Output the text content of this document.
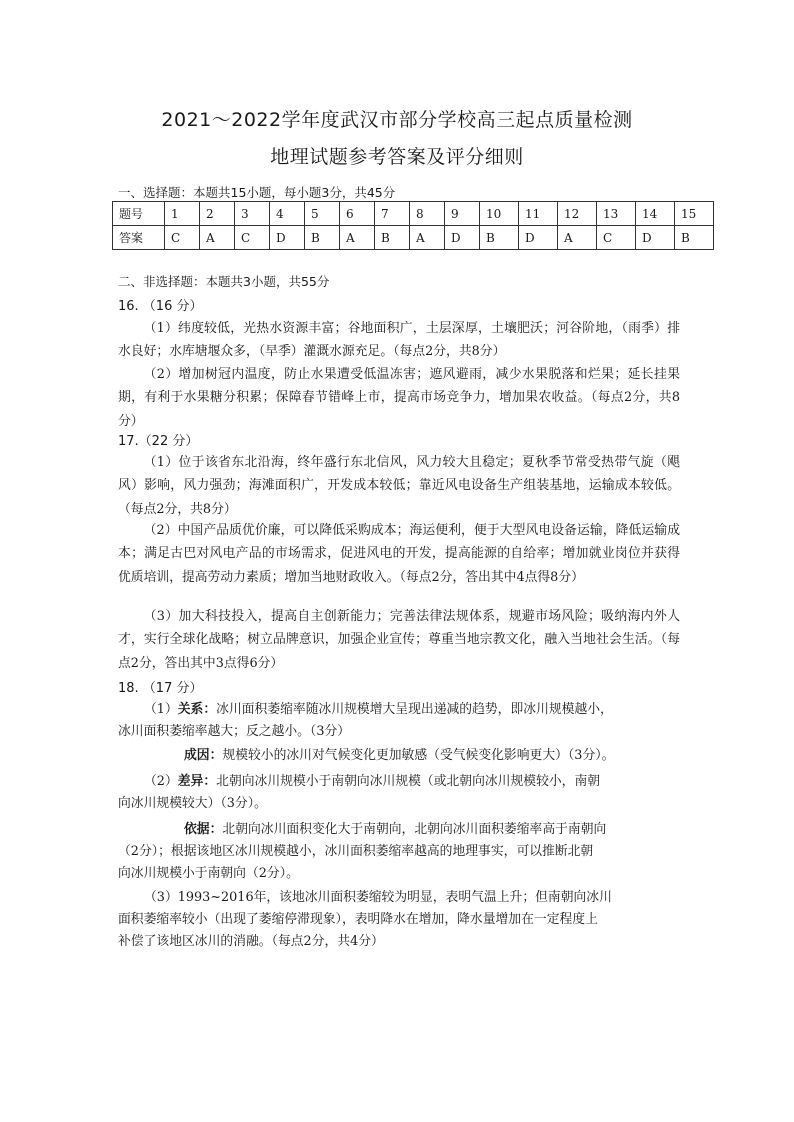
2021～2022学年度武汉市部分学校高三起点质量检测
地理试题参考答案及评分细则
一、选择题：本题共15小题，每小题3分，共45分
题号	1	2	3	4	5	6	7	8	9	10	11	12	13	14	15
答案	C	A	C	D	B	A	B	A	D	B	D	A	C	D	B
二、非选择题：本题共3小题，共55分
16. （16 分）

（1）纬度较低，光热水资源丰富；谷地面积广，土层深厚，土壤肥沃；河谷阶地，（雨季）排水良好；水库塘堰众多，（早季）灌溉水源充足。（每点2分，共8分）

（2）增加树冠内温度，防止水果遭受低温冻害；遮风避雨，减少水果脱落和烂果；延长挂果期，有利于水果糖分积累；保障春节错峰上市，提高市场竞争力，增加果农收益。（每点2分，共8分）

17.（22 分）

（1）位于该省东北沿海，终年盛行东北信风，风力较大且稳定；夏秋季节常受热带气旋（飓风）影响，风力强劲；海滩面积广，开发成本较低；靠近风电设备生产组装基地，运输成本较低。（每点2分，共8分）

（2）中国产品质优价廉，可以降低采购成本；海运便利，便于大型风电设备运输，降低运输成本；满足古巴对风电产品的市场需求，促进风电的开发，提高能源的自给率；增加就业岗位并获得优质培训，提高劳动力素质；增加当地财政收入。（每点2分，答出其中4点得8分）

（3）加大科技投入，提高自主创新能力；完善法律法规体系，规避市场风险；吸纳海内外人才，实行全球化战略；树立品牌意识，加强企业宣传；尊重当地宗教文化，融入当地社会生活。（每点2分，答出其中3点得6分）

18. （17 分）

（1）关系：冰川面积萎缩率随冰川规模增大呈现出递减的趋势，即冰川规模越小，

冰川面积萎缩率越大；反之越小。（3分）

成因：规模较小的冰川对气候变化更加敏感（受气候变化影响更大）（3分）。

（2）差异：北朝向冰川规模小于南朝向冰川规模（或北朝向冰川规模较小，南朝

向冰川规模较大）（3分）。

依据：北朝向冰川面积变化大于南朝向，北朝向冰川面积萎缩率高于南朝向

（2分）；根据该地区冰川规模越小，冰川面积萎缩率越高的地理事实，可以推断北朝

向冰川规模小于南朝向（2分）。

（3）1993~2016年，该地冰川面积萎缩较为明显，表明气温上升；但南朝向冰川

面积萎缩率较小（出现了萎缩停滞现象），表明降水在增加，降水量增加在一定程度上

补偿了该地区冰川的消融。（每点2分，共4分）
